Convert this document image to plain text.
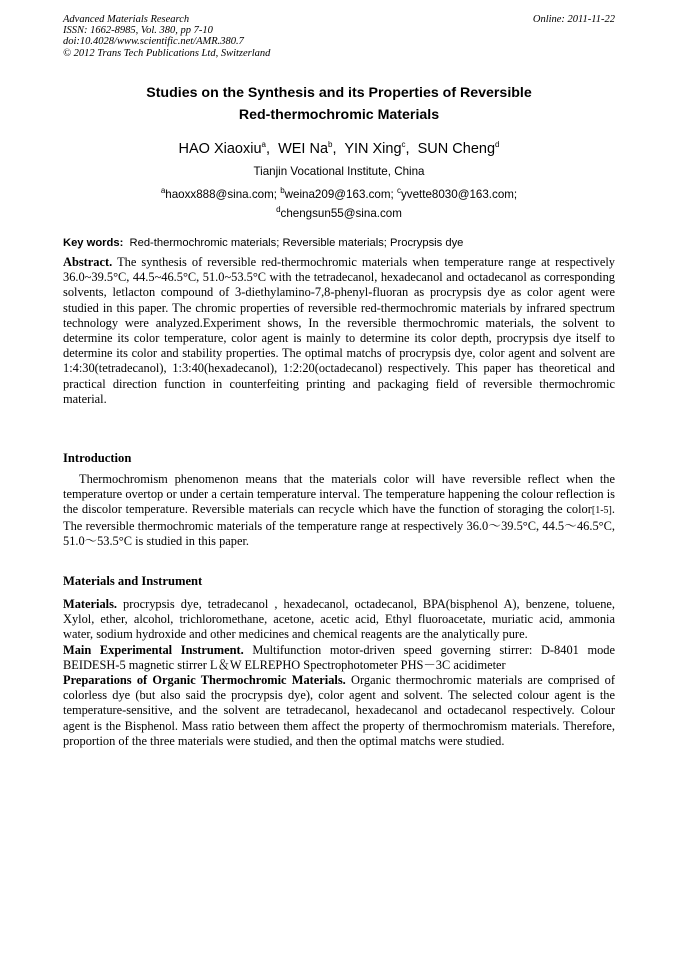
Advanced Materials Research
ISSN: 1662-8985, Vol. 380, pp 7-10
doi:10.4028/www.scientific.net/AMR.380.7
© 2012 Trans Tech Publications Ltd, Switzerland
Online: 2011-11-22
Studies on the Synthesis and its Properties of Reversible
Red-thermochromic Materials
HAO Xiaoxiu$^a$,  WEI Na$^b$,  YIN Xing$^c$,  SUN Cheng$^d$
Tianjin Vocational Institute, China
$^a$haoxx888@sina.com; $^b$weina209@163.com; $^c$yvette8030@163.com;
$^d$chengsun55@sina.com
Key words: Red-thermochromic materials; Reversible materials; Procrypsis dye
Abstract. The synthesis of reversible red-thermochromic materials when temperature range at respectively 36.0~39.5°C, 44.5~46.5°C, 51.0~53.5°C with the tetradecanol, hexadecanol and octadecanol as corresponding solvents, letlacton compound of 3-diethylamino-7,8-phenyl-fluoran as procrypsis dye as color agent were studied in this paper. The chromic properties of reversible red-thermochromic materials by infrared spectrum technology were analyzed.Experiment shows, In the reversible thermochromic materials, the solvent to determine its color temperature, color agent is mainly to determine its color depth, procrypsis dye itself to determine its color and stability properties. The optimal matchs of procrypsis dye, color agent and solvent are 1:4:30(tetradecanol), 1:3:40(hexadecanol), 1:2:20(octadecanol) respectively. This paper has theoretical and practical direction function in counterfeiting printing and packaging field of reversible thermochromic material.
Introduction
Thermochromism phenomenon means that the materials color will have reversible reflect when the temperature overtop or under a certain temperature interval. The temperature happening the colour reflection is the discolor temperature. Reversible materials can recycle which have the function of storaging the color[1-5]. The reversible thermochromic materials of the temperature range at respectively 36.0～39.5°C, 44.5～46.5°C, 51.0～53.5°C is studied in this paper.
Materials and Instrument

Materials. procrypsis dye, tetradecanol , hexadecanol, octadecanol, BPA(bisphenol A), benzene, toluene, Xylol, ether, alcohol, trichloromethane, acetone, acetic acid, Ethyl fluoroacetate, muriatic acid, ammonia water, sodium hydroxide and other medicines and chemical reagents are the analytically pure.

Main Experimental Instrument. Multifunction motor-driven speed governing stirrer: D-8401 mode BEIDESH-5 magnetic stirrer L＆W ELREPHO Spectrophotometer PHS－3C acidimeter

Preparations of Organic Thermochromic Materials. Organic thermochromic materials are comprised of colorless dye (but also said the procrypsis dye), color agent and solvent. The selected colour agent is the temperature-sensitive, and the solvent are tetradecanol, hexadecanol and octadecanol respectively. Colour agent is the Bisphenol. Mass ratio between them affect the property of thermochromism materials. Therefore, proportion of the three materials were studied, and then the optimal matchs were studied.
